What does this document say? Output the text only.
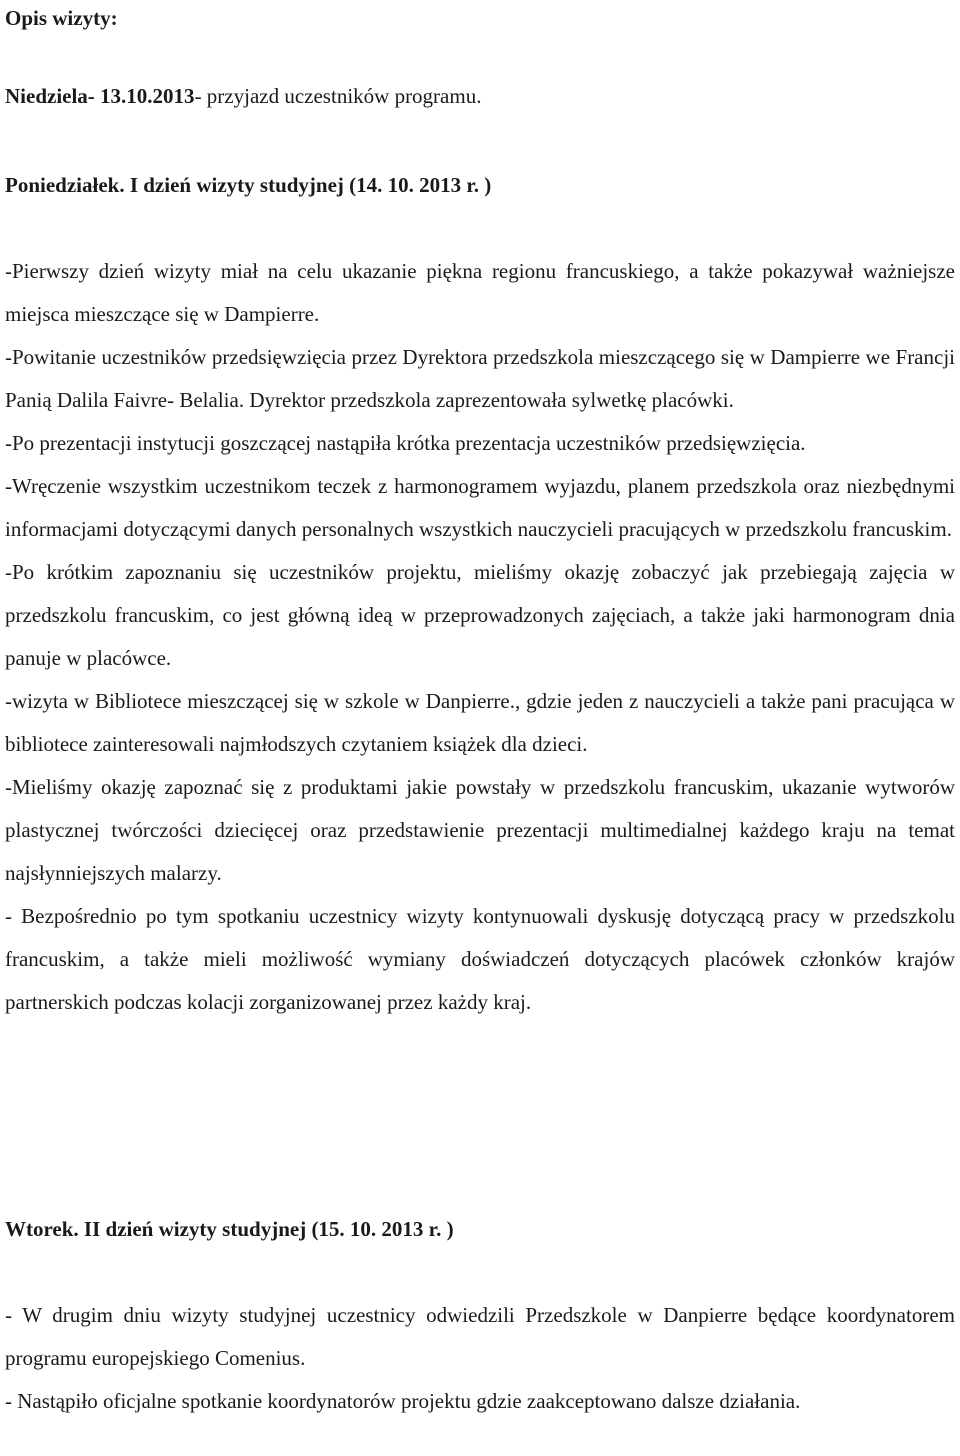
Opis wizyty:
Niedziela- 13.10.2013- przyjazd uczestników programu.
Poniedziałek. I dzień wizyty studyjnej (14. 10. 2013 r. )

-Pierwszy dzień wizyty miał na celu ukazanie piękna regionu francuskiego, a także pokazywał ważniejsze miejsca mieszczące się w Dampierre.

-Powitanie uczestników przedsięwzięcia przez Dyrektora przedszkola mieszczącego się w Dampierre we Francji Panią Dalila Faivre- Belalia. Dyrektor przedszkola zaprezentowała sylwetkę placówki.

-Po prezentacji instytucji goszczącej nastąpiła krótka prezentacja uczestników przedsięwzięcia.

-Wręczenie wszystkim uczestnikom teczek z harmonogramem wyjazdu, planem przedszkola oraz niezbędnymi informacjami dotyczącymi danych personalnych wszystkich nauczycieli pracujących w przedszkolu francuskim.

-Po krótkim zapoznaniu się uczestników projektu, mieliśmy okazję zobaczyć jak przebiegają zajęcia w przedszkolu francuskim, co jest główną ideą w przeprowadzonych zajęciach, a także jaki harmonogram dnia panuje w placówce.

-wizyta w Bibliotece mieszczącej się w szkole w Danpierre., gdzie jeden z nauczycieli a także pani pracująca w bibliotece zainteresowali najmłodszych czytaniem książek dla dzieci.

-Mieliśmy okazję zapoznać się z produktami jakie powstały w przedszkolu francuskim, ukazanie wytworów plastycznej twórczości dziecięcej oraz przedstawienie prezentacji multimedialnej każdego kraju na temat najsłynniejszych malarzy.

- Bezpośrednio po tym spotkaniu uczestnicy wizyty kontynuowali dyskusję dotyczącą pracy w przedszkolu francuskim, a także mieli możliwość wymiany doświadczeń dotyczących placówek członków krajów partnerskich podczas kolacji zorganizowanej przez każdy kraj.

Wtorek. II dzień wizyty studyjnej (15. 10. 2013 r. )

- W drugim dniu wizyty studyjnej uczestnicy odwiedzili Przedszkole w Danpierre będące koordynatorem programu europejskiego Comenius.

- Nastąpiło oficjalne spotkanie koordynatorów projektu gdzie zaakceptowano dalsze działania.
